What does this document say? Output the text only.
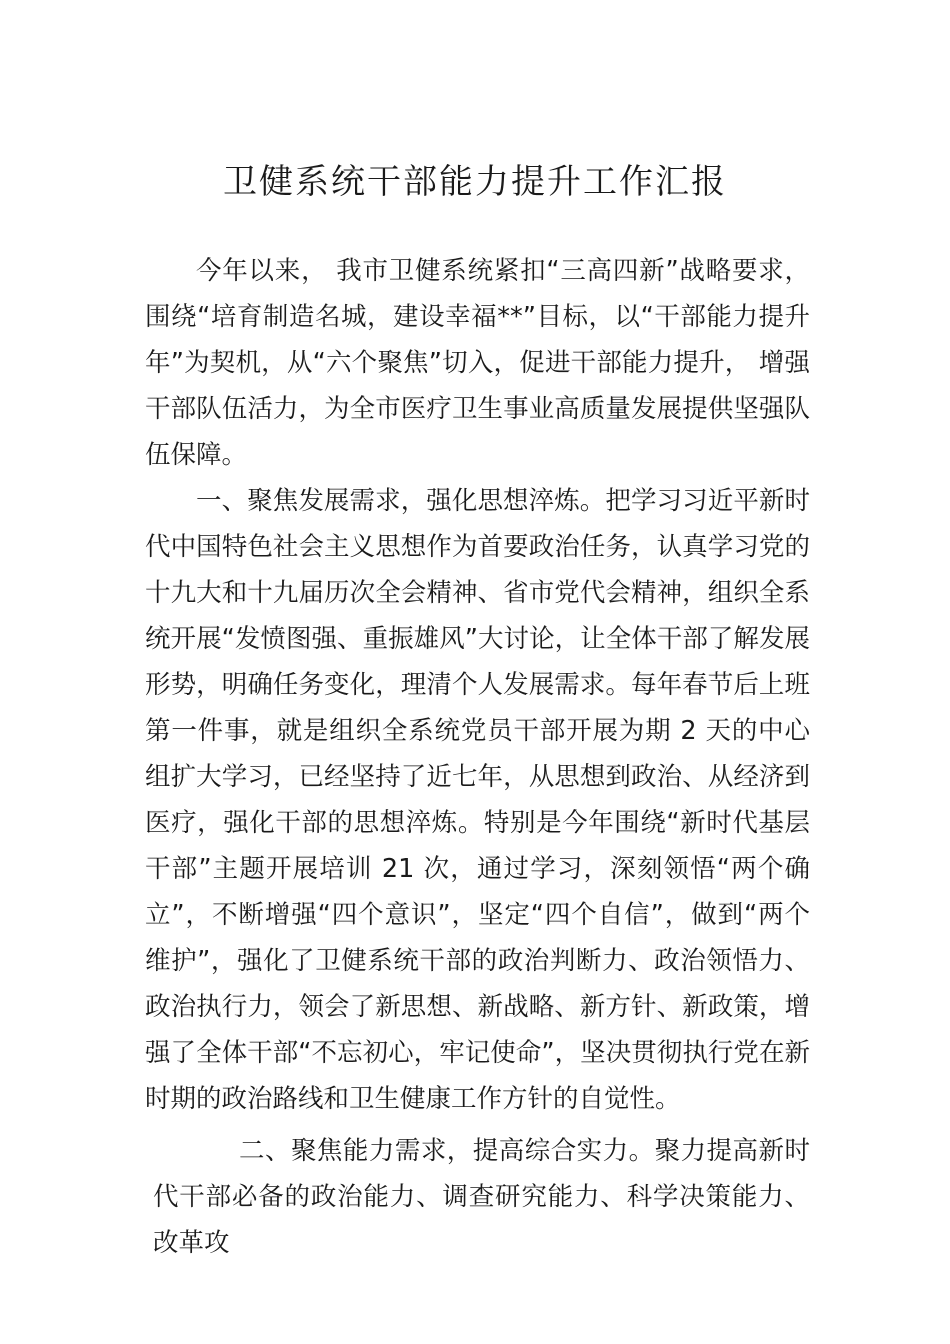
卫健系统干部能力提升工作汇报

今年以来， 我市卫健系统紧扣“三高四新”战略要求， 围绕“培育制造名城，建设幸福**”目标，以“干部能力提升年”为契机，从“六个聚焦”切入，促进干部能力提升， 增强干部队伍活力，为全市医疗卫生事业高质量发展提供坚强队伍保障。

一、聚焦发展需求，强化思想淬炼。把学习习近平新时代中国特色社会主义思想作为首要政治任务，认真学习党的十九大和十九届历次全会精神、省市党代会精神，组织全系统开展“发愤图强、重振雄风”大讨论，让全体干部了解发展形势，明确任务变化，理清个人发展需求。每年春节后上班第一件事，就是组织全系统党员干部开展为期 2 天的中心组扩大学习，已经坚持了近七年，从思想到政治、从经济到医疗，强化干部的思想淬炼。特别是今年围绕“新时代基层干部”主题开展培训 21 次，通过学习，深刻领悟“两个确立”，不断增强“四个意识”，坚定“四个自信”，做到“两个维护”，强化了卫健系统干部的政治判断力、政治领悟力、政治执行力，领会了新思想、新战略、新方针、新政策，增强了全体干部“不忘初心，牢记使命”，坚决贯彻执行党在新时期的政治路线和卫生健康工作方针的自觉性。

二、聚焦能力需求，提高综合实力。聚力提高新时代干部必备的政治能力、调查研究能力、科学决策能力、改革攻
